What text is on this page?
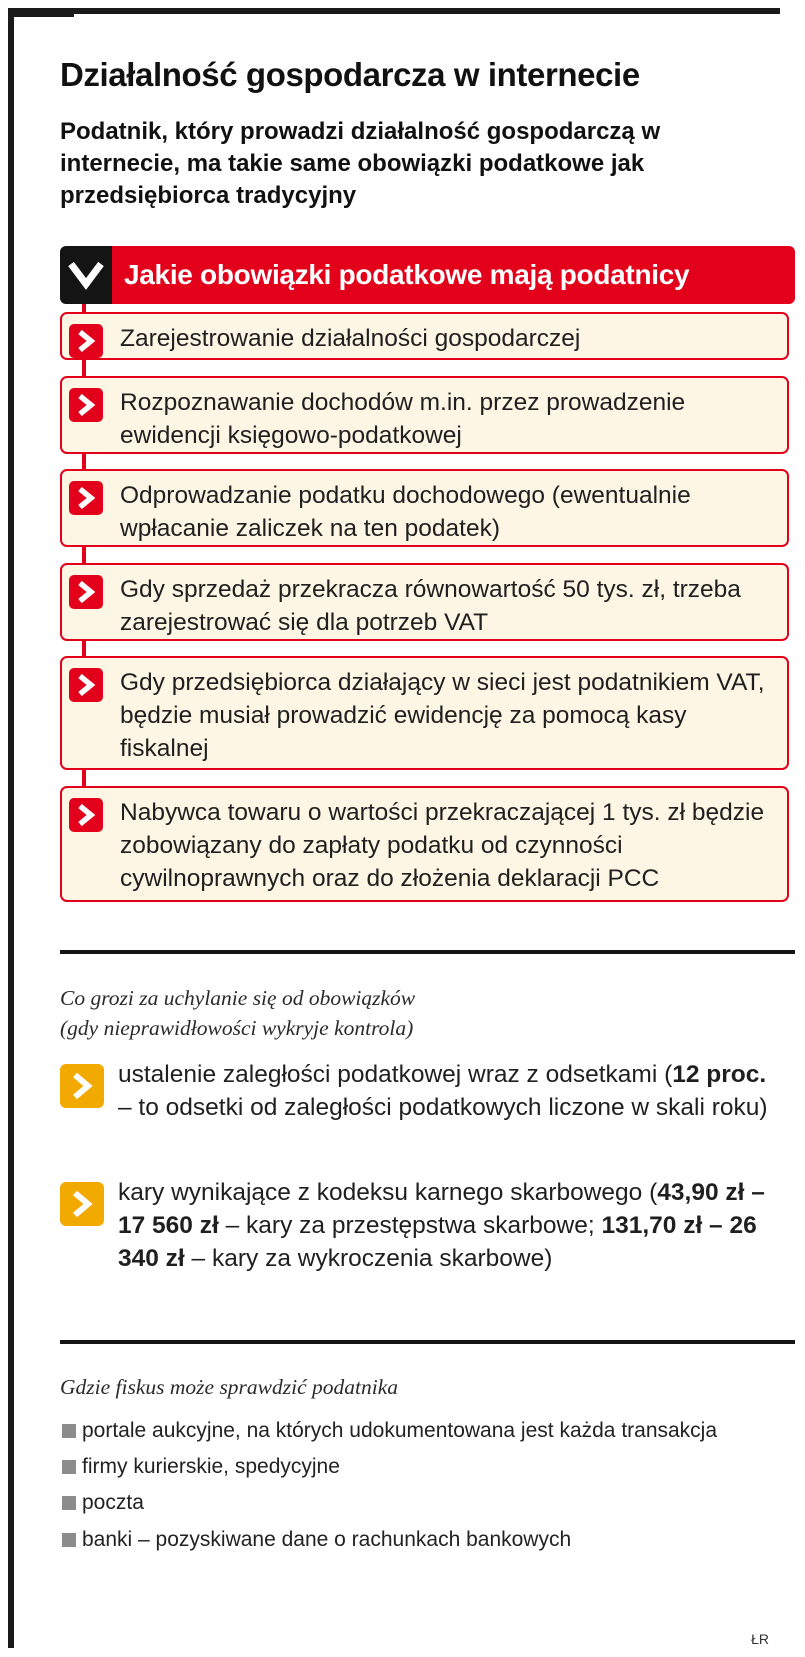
Działalność gospodarcza w internecie

Podatnik, który prowadzi działalność gospodarczą w internecie, ma takie same obowiązki podatkowe jak przedsiębiorca tradycyjny

Jakie obowiązki podatkowe mają podatnicy
Zarejestrowanie działalności gospodarczej
Rozpoznawanie dochodów m.in. przez prowadzenie ewidencji księgowo-podatkowej
Odprowadzanie podatku dochodowego (ewentualnie wpłacanie zaliczek na ten podatek)
Gdy sprzedaż przekracza równowartość 50 tys. zł, trzeba zarejestrować się dla potrzeb VAT
Gdy przedsiębiorca działający w sieci jest podatnikiem VAT, będzie musiał prowadzić ewidencję za pomocą kasy fiskalnej
Nabywca towaru o wartości przekraczającej 1 tys. zł będzie zobowiązany do zapłaty podatku od czynności cywilnoprawnych oraz do złożenia deklaracji PCC

Co grozi za uchylanie się od obowiązków
(gdy nieprawidłowości wykryje kontrola)

ustalenie zaległości podatkowej wraz z odsetkami (12 proc. – to odsetki od zaległości podatkowych liczone w skali roku)
kary wynikające z kodeksu karnego skarbowego (43,90 zł – 17 560 zł – kary za przestępstwa skarbowe; 131,70 zł – 26 340 zł – kary za wykroczenia skarbowe)

Gdzie fiskus może sprawdzić podatnika

portale aukcyjne, na których udokumentowana jest każda transakcja
firmy kurierskie, spedycyjne
poczta
banki – pozyskiwane dane o rachunkach bankowych
ŁR
